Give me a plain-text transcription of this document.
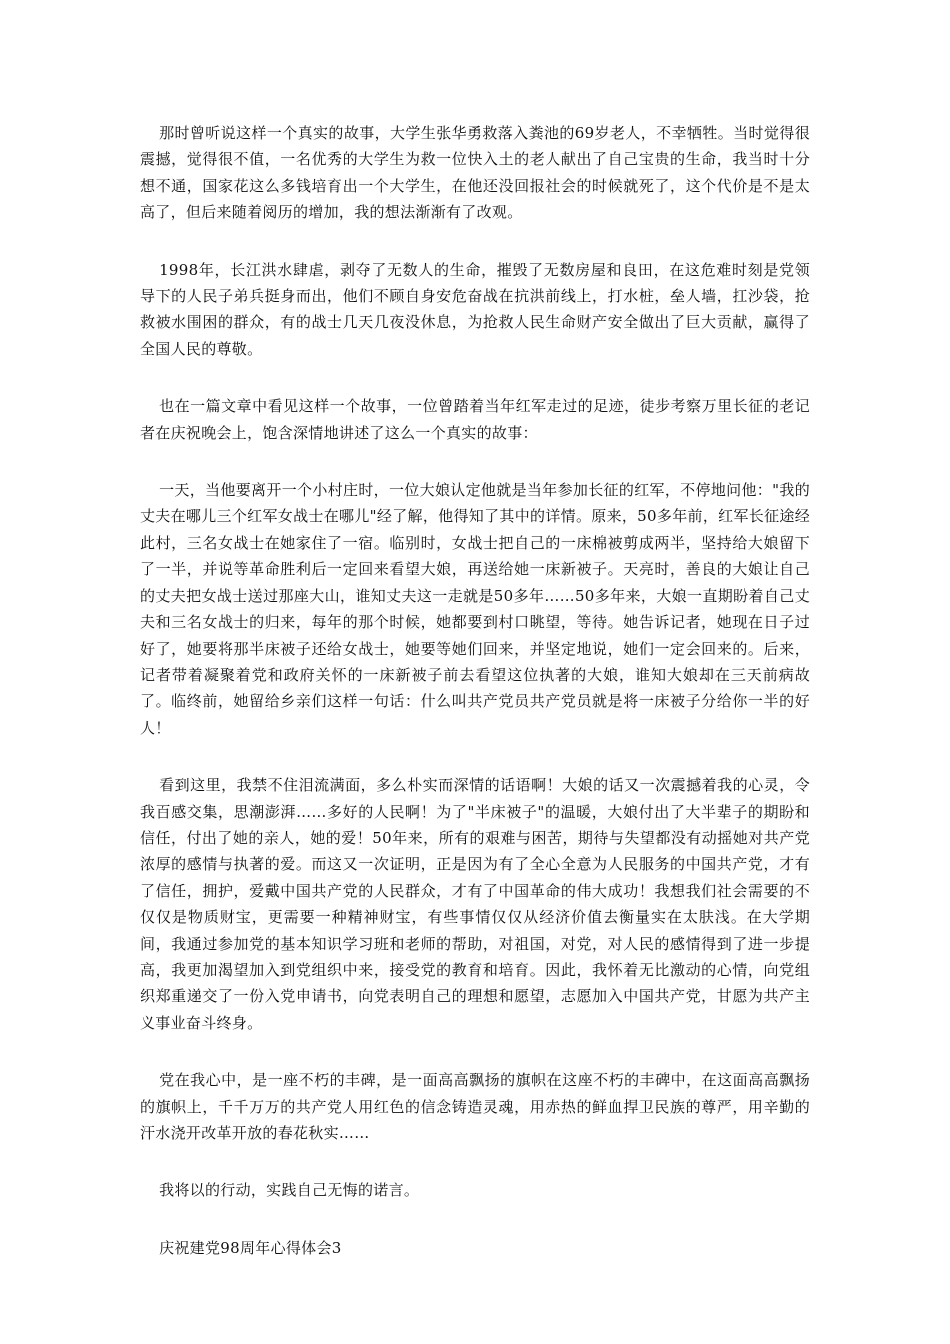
那时曾听说这样一个真实的故事，大学生张华勇救落入粪池的69岁老人，不幸牺牲。当时觉得很震撼，觉得很不值，一名优秀的大学生为救一位快入土的老人献出了自己宝贵的生命，我当时十分想不通，国家花这么多钱培育出一个大学生，在他还没回报社会的时候就死了，这个代价是不是太高了，但后来随着阅历的增加，我的想法渐渐有了改观。

1998年，长江洪水肆虐，剥夺了无数人的生命，摧毁了无数房屋和良田，在这危难时刻是党领导下的人民子弟兵挺身而出，他们不顾自身安危奋战在抗洪前线上，打水桩，垒人墙，扛沙袋，抢救被水围困的群众，有的战士几天几夜没休息，为抢救人民生命财产安全做出了巨大贡献，赢得了全国人民的尊敬。

也在一篇文章中看见这样一个故事，一位曾踏着当年红军走过的足迹，徒步考察万里长征的老记者在庆祝晚会上，饱含深情地讲述了这么一个真实的故事：

一天，当他要离开一个小村庄时，一位大娘认定他就是当年参加长征的红军，不停地问他："我的丈夫在哪儿三个红军女战士在哪儿"经了解，他得知了其中的详情。原来，50多年前，红军长征途经此村，三名女战士在她家住了一宿。临别时，女战士把自己的一床棉被剪成两半，坚持给大娘留下了一半，并说等革命胜利后一定回来看望大娘，再送给她一床新被子。天亮时，善良的大娘让自己的丈夫把女战士送过那座大山，谁知丈夫这一走就是50多年……50多年来，大娘一直期盼着自己丈夫和三名女战士的归来，每年的那个时候，她都要到村口眺望，等待。她告诉记者，她现在日子过好了，她要将那半床被子还给女战士，她要等她们回来，并坚定地说，她们一定会回来的。后来，记者带着凝聚着党和政府关怀的一床新被子前去看望这位执著的大娘，谁知大娘却在三天前病故了。临终前，她留给乡亲们这样一句话：什么叫共产党员共产党员就是将一床被子分给你一半的好人！

看到这里，我禁不住泪流满面，多么朴实而深情的话语啊！大娘的话又一次震撼着我的心灵，令我百感交集，思潮澎湃……多好的人民啊！为了"半床被子"的温暖，大娘付出了大半辈子的期盼和信任，付出了她的亲人，她的爱！50年来，所有的艰难与困苦，期待与失望都没有动摇她对共产党浓厚的感情与执著的爱。而这又一次证明，正是因为有了全心全意为人民服务的中国共产党，才有了信任，拥护，爱戴中国共产党的人民群众，才有了中国革命的伟大成功！我想我们社会需要的不仅仅是物质财宝，更需要一种精神财宝，有些事情仅仅从经济价值去衡量实在太肤浅。在大学期间，我通过参加党的基本知识学习班和老师的帮助，对祖国，对党，对人民的感情得到了进一步提高，我更加渴望加入到党组织中来，接受党的教育和培育。因此，我怀着无比激动的心情，向党组织郑重递交了一份入党申请书，向党表明自己的理想和愿望，志愿加入中国共产党，甘愿为共产主义事业奋斗终身。

党在我心中，是一座不朽的丰碑，是一面高高飘扬的旗帜在这座不朽的丰碑中，在这面高高飘扬的旗帜上，千千万万的共产党人用红色的信念铸造灵魂，用赤热的鲜血捍卫民族的尊严，用辛勤的汗水浇开改革开放的春花秋实……

我将以的行动，实践自己无悔的诺言。

庆祝建党98周年心得体会3
